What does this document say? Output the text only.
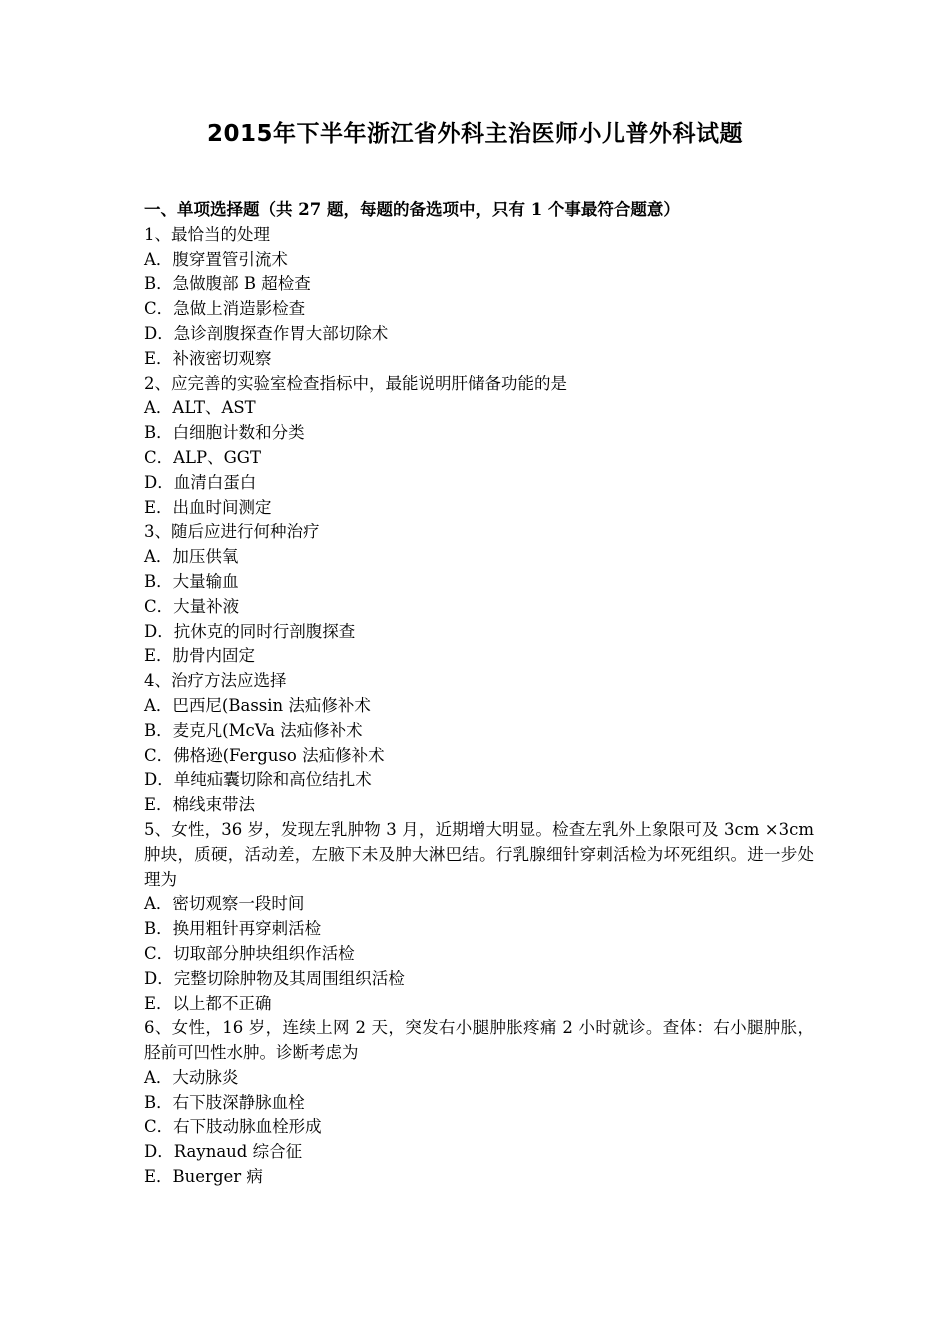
2015年下半年浙江省外科主治医师小儿普外科试题
一、单项选择题（共 27 题，每题的备选项中，只有 1 个事最符合题意）
1、最恰当的处理
A．腹穿置管引流术
B．急做腹部 B 超检查
C．急做上消造影检查
D．急诊剖腹探查作胃大部切除术
E．补液密切观察
2、应完善的实验室检查指标中，最能说明肝储备功能的是
A．ALT、AST
B．白细胞计数和分类
C．ALP、GGT
D．血清白蛋白
E．出血时间测定
3、随后应进行何种治疗
A．加压供氧
B．大量输血
C．大量补液
D．抗休克的同时行剖腹探查
E．肋骨内固定
4、治疗方法应选择
A．巴西尼(Bassin 法疝修补术
B．麦克凡(McVa 法疝修补术
C．佛格逊(Ferguso 法疝修补术
D．单纯疝囊切除和高位结扎术
E．棉线束带法
5、女性，36 岁，发现左乳肿物 3 月，近期增大明显。检查左乳外上象限可及 3cm ×3cm 肿块，质硬，活动差，左腋下未及肿大淋巴结。行乳腺细针穿刺活检为坏死组织。进一步处理为
A．密切观察一段时间
B．换用粗针再穿刺活检
C．切取部分肿块组织作活检
D．完整切除肿物及其周围组织活检
E．以上都不正确
6、女性，16 岁，连续上网 2 天，突发右小腿肿胀疼痛 2 小时就诊。查体：右小腿肿胀，胫前可凹性水肿。诊断考虑为
A．大动脉炎
B．右下肢深静脉血栓
C．右下肢动脉血栓形成
D．Raynaud 综合征
E．Buerger 病
